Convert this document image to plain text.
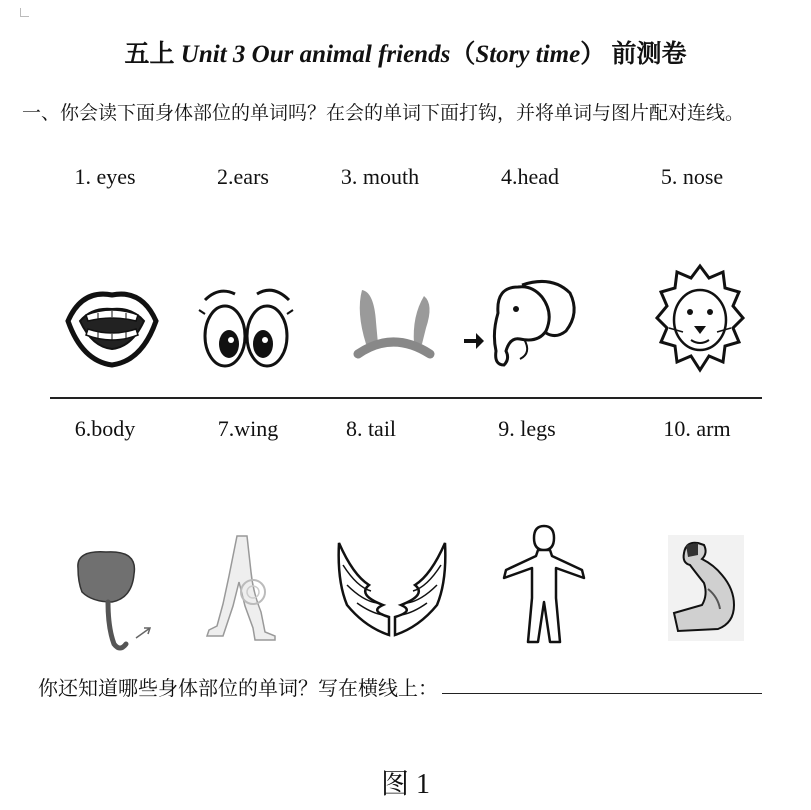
五上 Unit 3 Our animal friends（Story time） 前测卷
一、你会读下面身体部位的单词吗？在会的单词下面打钩，并将单词与图片配对连线。
1. eyes	2.ears	3. mouth	4.head	5. nose
6.body	7.wing	8. tail	9. legs	10. arm
你还知道哪些身体部位的单词？写在横线上：
图 1
